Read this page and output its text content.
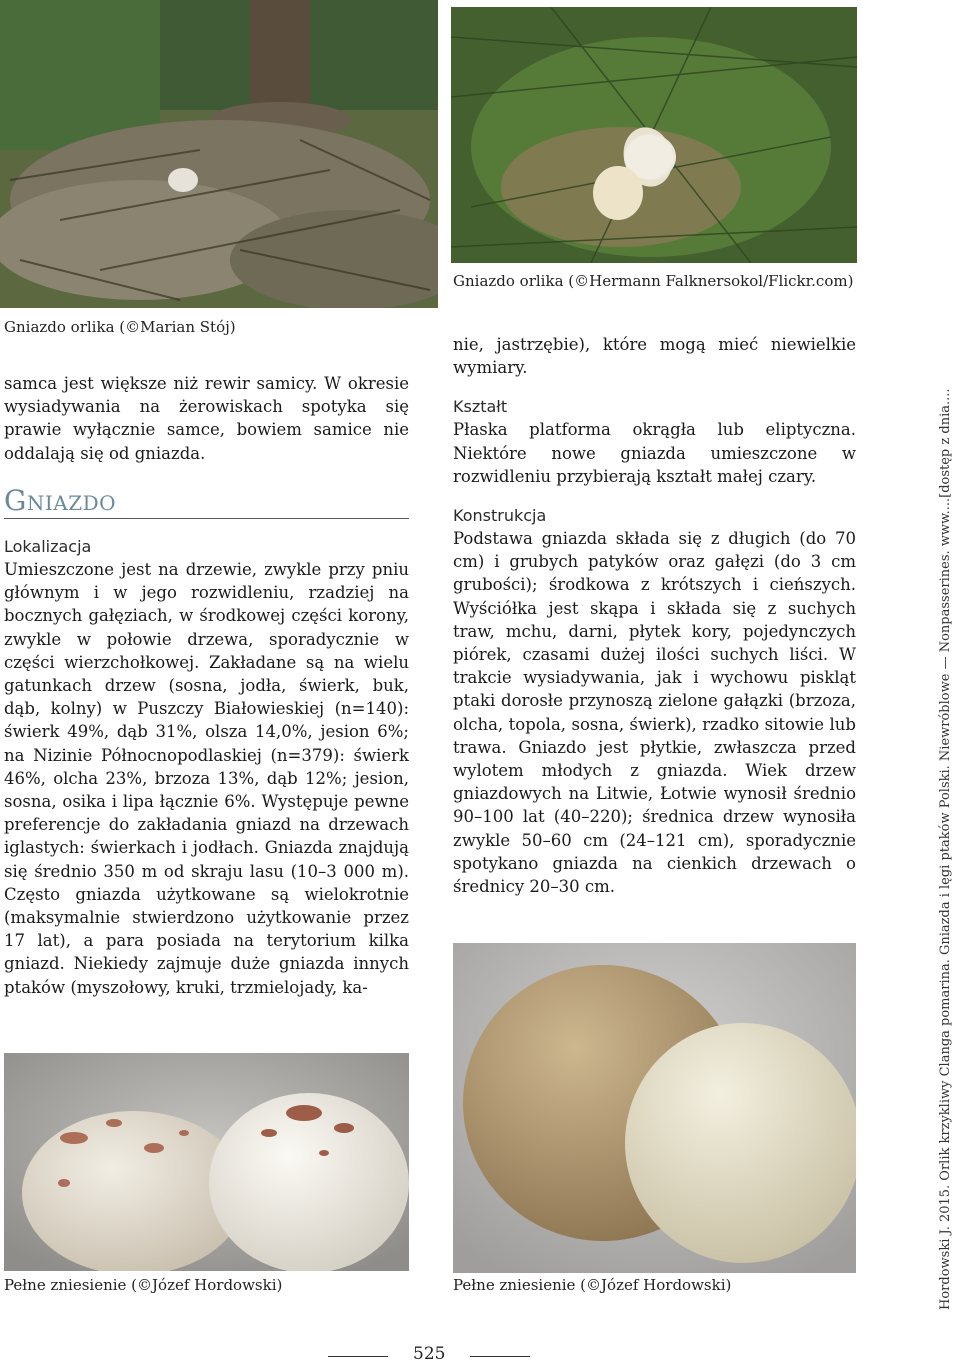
Gniazdo orlika (©Marian Stój)
Gniazdo orlika (©Hermann Falknersokol/Flickr.com)

samca jest większe niż rewir samicy. W okresie wysiadywania na żerowiskach spotyka się prawie wyłącznie samce, bowiem samice nie oddalają się od gniazda.

Gniazdo
Lokalizacja

Umieszczone jest na drzewie, zwykle przy pniu głównym i w jego rozwidleniu, rzadziej na bocznych gałęziach, w środkowej części korony, zwykle w połowie drzewa, sporadycznie w części wierzchołkowej. Zakładane są na wielu gatunkach drzew (sosna, jodła, świerk, buk, dąb, kolny) w Puszczy Białowieskiej (n=140): świerk 49%, dąb 31%, olsza 14,0%, jesion 6%; na Nizinie Północnopodlaskiej (n=379): świerk 46%, olcha 23%, brzoza 13%, dąb 12%; jesion, sosna, osika i lipa łącznie 6%. Występuje pewne preferencje do zakładania gniazd na drzewach iglastych: świerkach i jodłach. Gniazda znajdują się średnio 350 m od skraju lasu (10–3 000 m). Często gniazda użytkowane są wielokrotnie (maksymalnie stwierdzono użytkowanie przez 17 lat), a para posiada na terytorium kilka gniazd. Niekiedy zajmuje duże gniazda innych ptaków (myszołowy, kruki, trzmielojady, ka-

nie, jastrzębie), które mogą mieć niewielkie wymiary.

Kształt

Płaska platforma okrągła lub eliptyczna. Niektóre nowe gniazda umieszczone w rozwidleniu przybierają kształt małej czary.

Konstrukcja

Podstawa gniazda składa się z długich (do 70 cm) i grubych patyków oraz gałęzi (do 3 cm grubości); środkowa z krótszych i cieńszych. Wyściółka jest skąpa i składa się z suchych traw, mchu, darni, płytek kory, pojedynczych piórek, czasami dużej ilości suchych liści. W trakcie wysiadywania, jak i wychowu piskląt ptaki dorosłe przynoszą zielone gałązki (brzoza, olcha, topola, sosna, świerk), rzadko sitowie lub trawa. Gniazdo jest płytkie, zwłaszcza przed wylotem młodych z gniazda. Wiek drzew gniazdowych na Litwie, Łotwie wynosił średnio 90–100 lat (40–220); średnica drzew wynosiła zwykle 50–60 cm (24–121 cm), sporadycznie spotykano gniazda na cienkich drzewach o średnicy 20–30 cm.

Pełne zniesienie (©Józef Hordowski)	Pełne zniesienie (©Józef Hordowski)	Hordowski J. 2015. Orlik krzykliwy Clanga pomarina. Gniazda i lęgi ptaków Polski. Niewróblowe — Nonpasserines. www....[dostęp z dnia....
525
